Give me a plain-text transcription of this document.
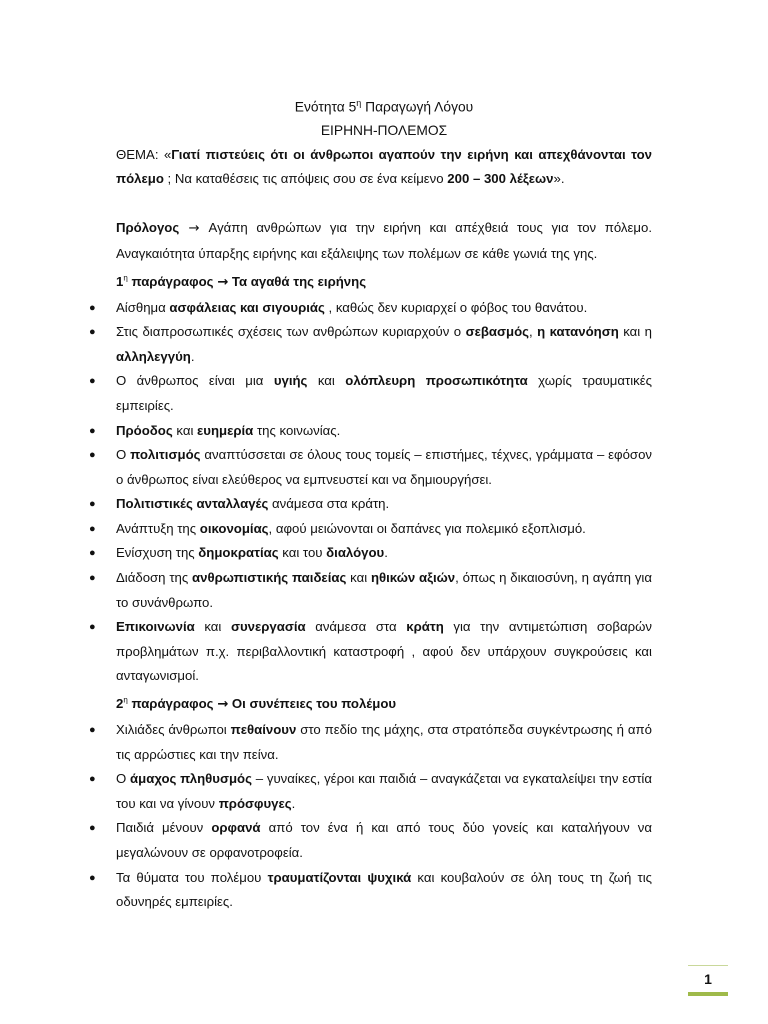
Ενότητα $5^\eta$ Παραγωγή Λόγου
ΕΙΡΗΝΗ-ΠΟΛΕΜΟΣ

ΘΕΜΑ: «Γιατί πιστεύεις ότι οι άνθρωποι αγαπούν την ειρήνη και απεχθάνονται τον πόλεμο ; Να καταθέσεις τις απόψεις σου σε ένα κείμενο 200 – 300 λέξεων».

Πρόλογος → Αγάπη ανθρώπων για την ειρήνη και απέχθειά τους για τον πόλεμο. Αναγκαιότητα ύπαρξης ειρήνης και εξάλειψης των πολέμων σε κάθε γωνιά της γης.

$1^\eta$ παράγραφος → Τα αγαθά της ειρήνης

● Αίσθημα ασφάλειας και σιγουριάς , καθώς δεν κυριαρχεί ο φόβος του θανάτου.
● Στις διαπροσωπικές σχέσεις των ανθρώπων κυριαρχούν ο σεβασμός, η κατανόηση και η αλληλεγγύη.
● Ο άνθρωπος είναι μια υγιής και ολόπλευρη προσωπικότητα χωρίς τραυματικές εμπειρίες.
● Πρόοδος και ευημερία της κοινωνίας.
● Ο πολιτισμός αναπτύσσεται σε όλους τους τομείς – επιστήμες, τέχνες, γράμματα – εφόσον ο άνθρωπος είναι ελεύθερος να εμπνευστεί και να δημιουργήσει.
● Πολιτιστικές ανταλλαγές ανάμεσα στα κράτη.
● Ανάπτυξη της οικονομίας, αφού μειώνονται οι δαπάνες για πολεμικό εξοπλισμό.
● Ενίσχυση της δημοκρατίας και του διαλόγου.
● Διάδοση της ανθρωπιστικής παιδείας και ηθικών αξιών, όπως η δικαιοσύνη, η αγάπη για το συνάνθρωπο.
● Επικοινωνία και συνεργασία ανάμεσα στα κράτη για την αντιμετώπιση σοβαρών προβλημάτων π.χ. περιβαλλοντική καταστροφή , αφού δεν υπάρχουν συγκρούσεις και ανταγωνισμοί.

$2^\eta$ παράγραφος → Οι συνέπειες του πολέμου

● Χιλιάδες άνθρωποι πεθαίνουν στο πεδίο της μάχης, στα στρατόπεδα συγκέντρωσης ή από τις αρρώστιες και την πείνα.
● Ο άμαχος πληθυσμός – γυναίκες, γέροι και παιδιά – αναγκάζεται να εγκαταλείψει την εστία του και να γίνουν πρόσφυγες.
● Παιδιά μένουν ορφανά από τον ένα ή και από τους δύο γονείς και καταλήγουν να μεγαλώνουν σε ορφανοτροφεία.
● Τα θύματα του πολέμου τραυματίζονται ψυχικά και κουβαλούν σε όλη τους τη ζωή τις οδυνηρές εμπειρίες.
1
